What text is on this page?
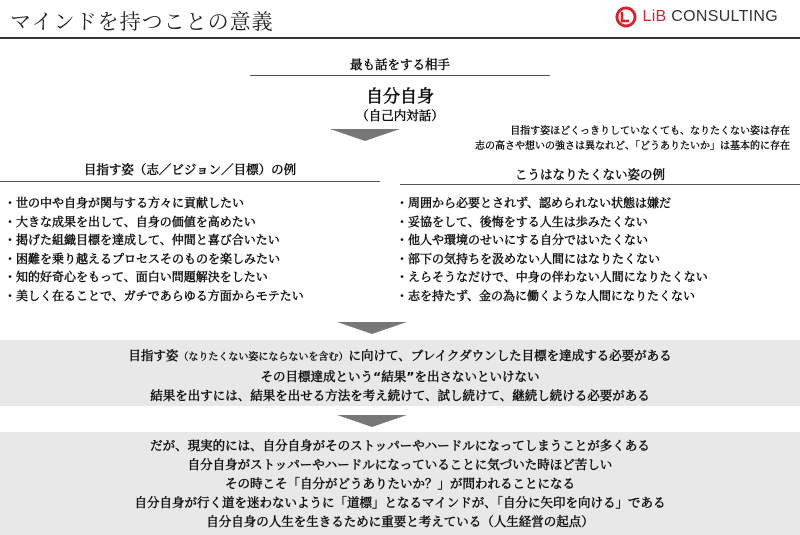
マインドを持つことの意義	LiB CONSULTING
最も話をする相手
自分自身
（自己内対話）
目指す姿ほどくっきりしていなくても、なりたくない姿は存在
志の高さや想いの強さは異なれど、「どうありたいか」は基本的に存在
目指す姿（志／ビジョン／目標）の例	こうはなりたくない姿の例
・世の中や自身が関与する方々に貢献したい
・大きな成果を出して、自身の価値を高めたい
・掲げた組織目標を達成して、仲間と喜び合いたい
・困難を乗り越えるプロセスそのものを楽しみたい
・知的好奇心をもって、面白い問題解決をしたい
・美しく在ることで、ガチであらゆる方面からモテたい
・周囲から必要とされず、認められない状態は嫌だ
・妥協をして、後悔をする人生は歩みたくない
・他人や環境のせいにする自分ではいたくない
・部下の気持ちを汲めない人間にはなりたくない
・えらそうなだけで、中身の伴わない人間になりたくない
・志を持たず、金の為に働くような人間になりたくない
目指す姿（なりたくない姿にならないを含む）に向けて、ブレイクダウンした目標を達成する必要がある
その目標達成という“結果”を出さないといけない
結果を出すには、結果を出せる方法を考え続けて、試し続けて、継続し続ける必要がある
だが、現実的には、自分自身がそのストッパーやハードルになってしまうことが多くある
自分自身がストッパーやハードルになっていることに気づいた時ほど苦しい
その時こそ「自分がどうありたいか？」が問われることになる
自分自身が行く道を迷わないように「道標」となるマインドが、「自分に矢印を向ける」である
自分自身の人生を生きるために重要と考えている（人生経営の起点）
